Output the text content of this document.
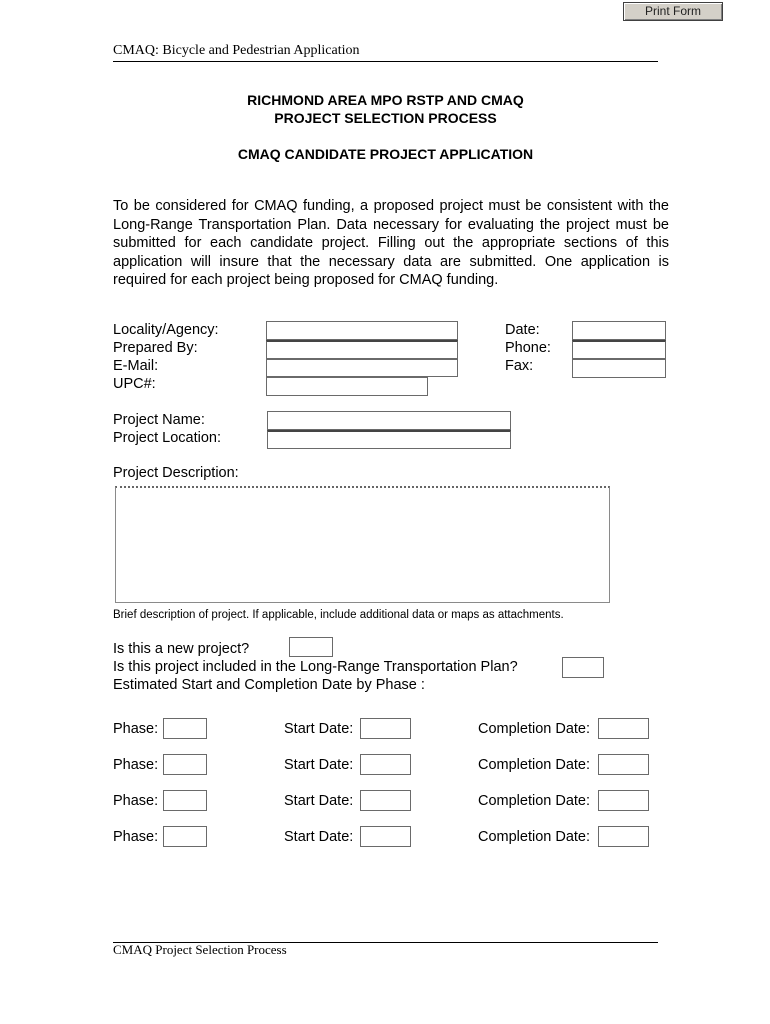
Print Form
CMAQ: Bicycle and Pedestrian Application
RICHMOND AREA MPO RSTP AND CMAQ
PROJECT SELECTION PROCESS
CMAQ CANDIDATE PROJECT APPLICATION
To be considered for CMAQ funding, a proposed project must be consistent with the Long-Range Transportation Plan. Data necessary for evaluating the project must be submitted for each candidate project. Filling out the appropriate sections of this application will insure that the necessary data are submitted. One application is required for each project being proposed for CMAQ funding.
Locality/Agency:
Prepared By:
E-Mail:
UPC#:
Date:
Phone:
Fax:
Project Name:
Project Location:
Project Description:
Brief description of project. If applicable, include additional data or maps as attachments.
Is this a new project?
Is this project included in the Long-Range Transportation Plan?
Estimated Start and Completion Date by Phase :
Phase:	Start Date:	Completion Date:
Phase:	Start Date:	Completion Date:
Phase:	Start Date:	Completion Date:
Phase:	Start Date:	Completion Date:
CMAQ Project Selection Process
